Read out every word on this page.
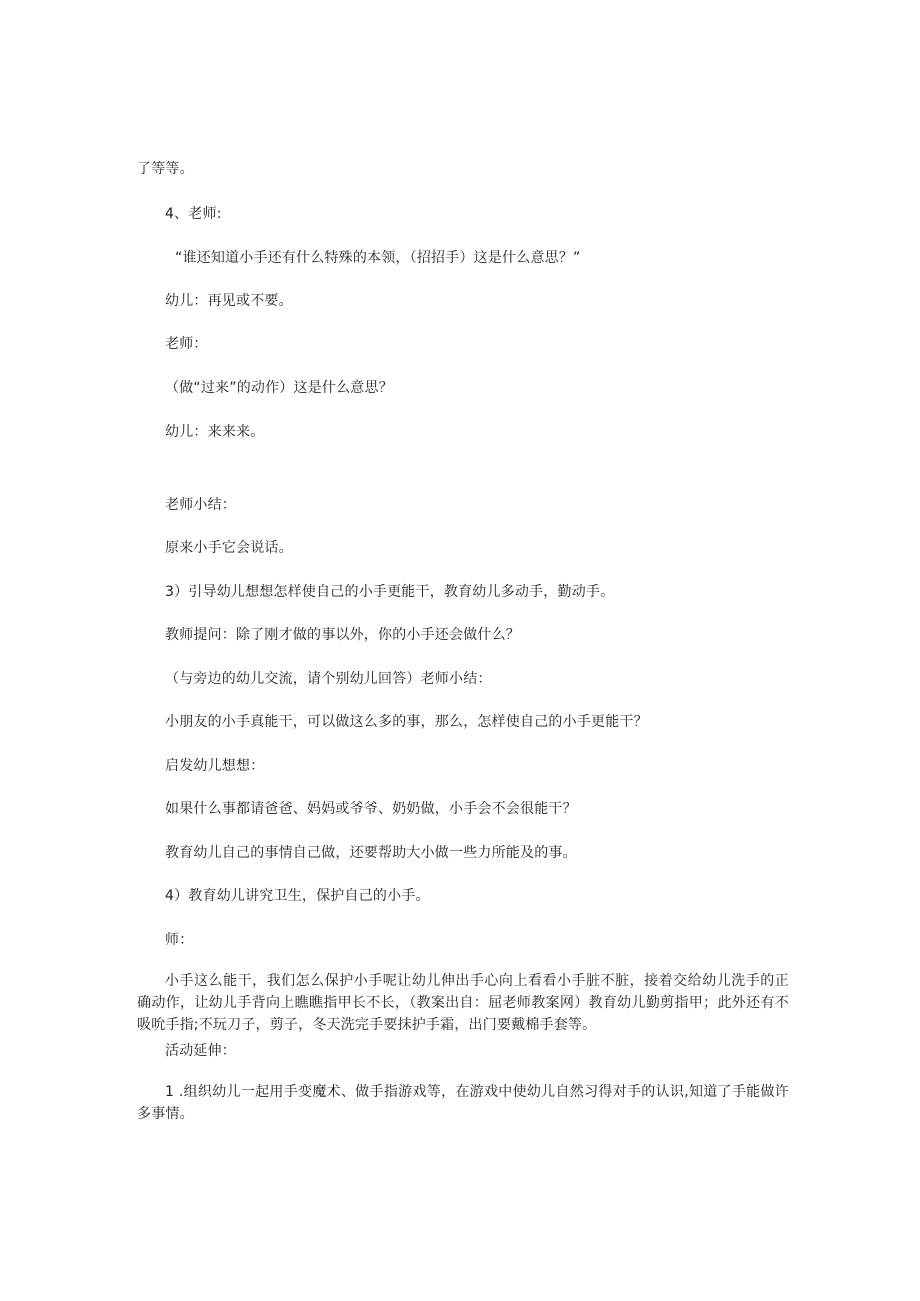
了等等。
4、老师:
“谁还知道小手还有什么特殊的本领，（招招手）这是什么意思？”
幼儿：再见或不要。
老师：
（做“过来”的动作）这是什么意思？
幼儿：来来来。
老师小结：
原来小手它会说话。
3）引导幼儿想想怎样使自己的小手更能干，教育幼儿多动手，勤动手。
教师提问：除了刚才做的事以外，你的小手还会做什么？
（与旁边的幼儿交流，请个别幼儿回答）老师小结：
小朋友的小手真能干，可以做这么多的事，那么，怎样使自己的小手更能干？
启发幼儿想想：
如果什么事都请爸爸、妈妈或爷爷、奶奶做，小手会不会很能干？
教育幼儿自己的事情自己做，还要帮助大小做一些力所能及的事。
4）教育幼儿讲究卫生，保护自己的小手。
师：
小手这么能干，我们怎么保护小手呢让幼儿伸出手心向上看看小手脏不脏，接着交给幼儿洗手的正确动作，让幼儿手背向上瞧瞧指甲长不长，（教案出自：屈老师教案网）教育幼儿勤剪指甲；此外还有不吸吮手指;不玩刀子，剪子，冬天洗完手要抹护手霜，出门要戴棉手套等。
活动延伸：
1 .组织幼儿一起用手变魔术、做手指游戏等，在游戏中使幼儿自然习得对手的认识,知道了手能做许多事情。
